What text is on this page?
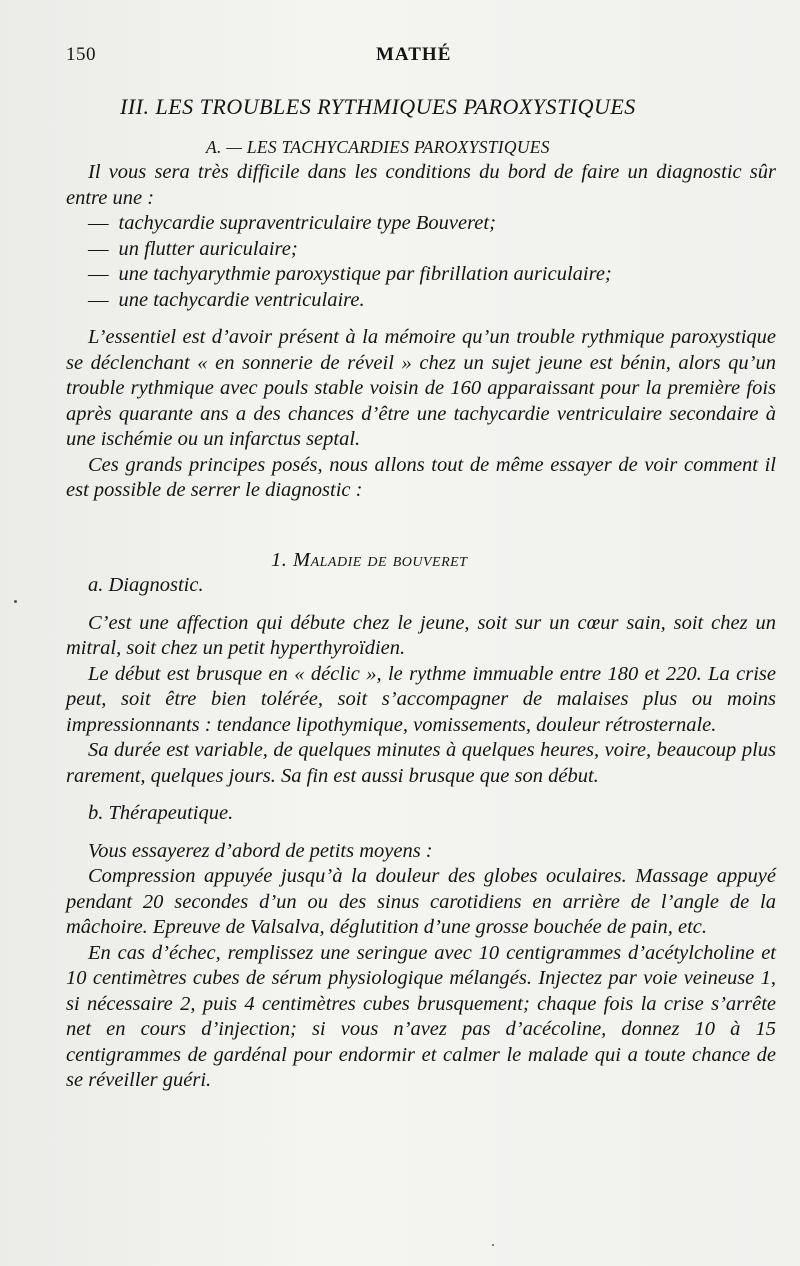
150	MATHÉ
III. LES TROUBLES RYTHMIQUES PAROXYSTIQUES
A. — LES TACHYCARDIES PAROXYSTIQUES

Il vous sera très difficile dans les conditions du bord de faire un diagnostic sûr entre une :

— tachycardie supraventriculaire type Bouveret;
— un flutter auriculaire;
— une tachyarythmie paroxystique par fibrillation auriculaire;
— une tachycardie ventriculaire.

L’essentiel est d’avoir présent à la mémoire qu’un trouble rythmique paroxystique se déclenchant « en sonnerie de réveil » chez un sujet jeune est bénin, alors qu’un trouble rythmique avec pouls stable voisin de 160 apparaissant pour la première fois après quarante ans a des chances d’être une tachycardie ventriculaire secondaire à une ischémie ou un infarctus septal.

Ces grands principes posés, nous allons tout de même essayer de voir comment il est possible de serrer le diagnostic :

1. Maladie de bouveret

a. Diagnostic.

C’est une affection qui débute chez le jeune, soit sur un cœur sain, soit chez un mitral, soit chez un petit hyperthyroïdien.

Le début est brusque en « déclic », le rythme immuable entre 180 et 220. La crise peut, soit être bien tolérée, soit s’accompagner de malaises plus ou moins impressionnants : tendance lipothymique, vomissements, douleur rétrosternale.

Sa durée est variable, de quelques minutes à quelques heures, voire, beaucoup plus rarement, quelques jours. Sa fin est aussi brusque que son début.

b. Thérapeutique.

Vous essayerez d’abord de petits moyens :

Compression appuyée jusqu’à la douleur des globes oculaires. Massage appuyé pendant 20 secondes d’un ou des sinus carotidiens en arrière de l’angle de la mâchoire. Epreuve de Valsalva, déglutition d’une grosse bouchée de pain, etc.

En cas d’échec, remplissez une seringue avec 10 centigrammes d’acétylcholine et 10 centimètres cubes de sérum physiologique mélangés. Injectez par voie veineuse 1, si nécessaire 2, puis 4 centimètres cubes brusquement; chaque fois la crise s’arrête net en cours d’injection; si vous n’avez pas d’acécoline, donnez 10 à 15 centigrammes de gardénal pour endormir et calmer le malade qui a toute chance de se réveiller guéri.
